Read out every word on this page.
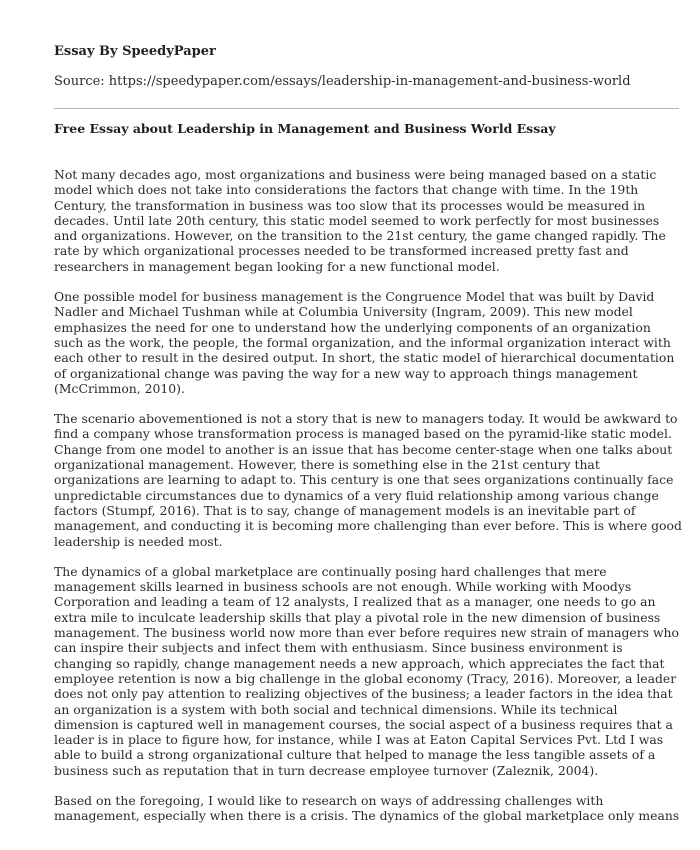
Essay By SpeedyPaper
Source: https://speedypaper.com/essays/leadership-in-management-and-business-world
Free Essay about Leadership in Management and Business World Essay

Not many decades ago, most organizations and business were being managed based on a static model which does not take into considerations the factors that change with time. In the 19th Century, the transformation in business was too slow that its processes would be measured in decades. Until late 20th century, this static model seemed to work perfectly for most businesses and organizations. However, on the transition to the 21st century, the game changed rapidly. The rate by which organizational processes needed to be transformed increased pretty fast and researchers in management began looking for a new functional model.

One possible model for business management is the Congruence Model that was built by David Nadler and Michael Tushman while at Columbia University (Ingram, 2009). This new model emphasizes the need for one to understand how the underlying components of an organization such as the work, the people, the formal organization, and the informal organization interact with each other to result in the desired output. In short, the static model of hierarchical documentation of organizational change was paving the way for a new way to approach things management (McCrimmon, 2010).

The scenario abovementioned is not a story that is new to managers today. It would be awkward to find a company whose transformation process is managed based on the pyramid-like static model. Change from one model to another is an issue that has become center-stage when one talks about organizational management. However, there is something else in the 21st century that organizations are learning to adapt to. This century is one that sees organizations continually face unpredictable circumstances due to dynamics of a very fluid relationship among various change factors (Stumpf, 2016). That is to say, change of management models is an inevitable part of management, and conducting it is becoming more challenging than ever before. This is where good leadership is needed most.

The dynamics of a global marketplace are continually posing hard challenges that mere management skills learned in business schools are not enough. While working with Moodys Corporation and leading a team of 12 analysts, I realized that as a manager, one needs to go an extra mile to inculcate leadership skills that play a pivotal role in the new dimension of business management. The business world now more than ever before requires new strain of managers who can inspire their subjects and infect them with enthusiasm. Since business environment is changing so rapidly, change management needs a new approach, which appreciates the fact that employee retention is now a big challenge in the global economy (Tracy, 2016). Moreover, a leader does not only pay attention to realizing objectives of the business; a leader factors in the idea that an organization is a system with both social and technical dimensions. While its technical dimension is captured well in management courses, the social aspect of a business requires that a leader is in place to figure how, for instance, while I was at Eaton Capital Services Pvt. Ltd I was able to build a strong organizational culture that helped to manage the less tangible assets of a business such as reputation that in turn decrease employee turnover (Zaleznik, 2004).

Based on the foregoing, I would like to research on ways of addressing challenges with management, especially when there is a crisis. The dynamics of the global marketplace only means
